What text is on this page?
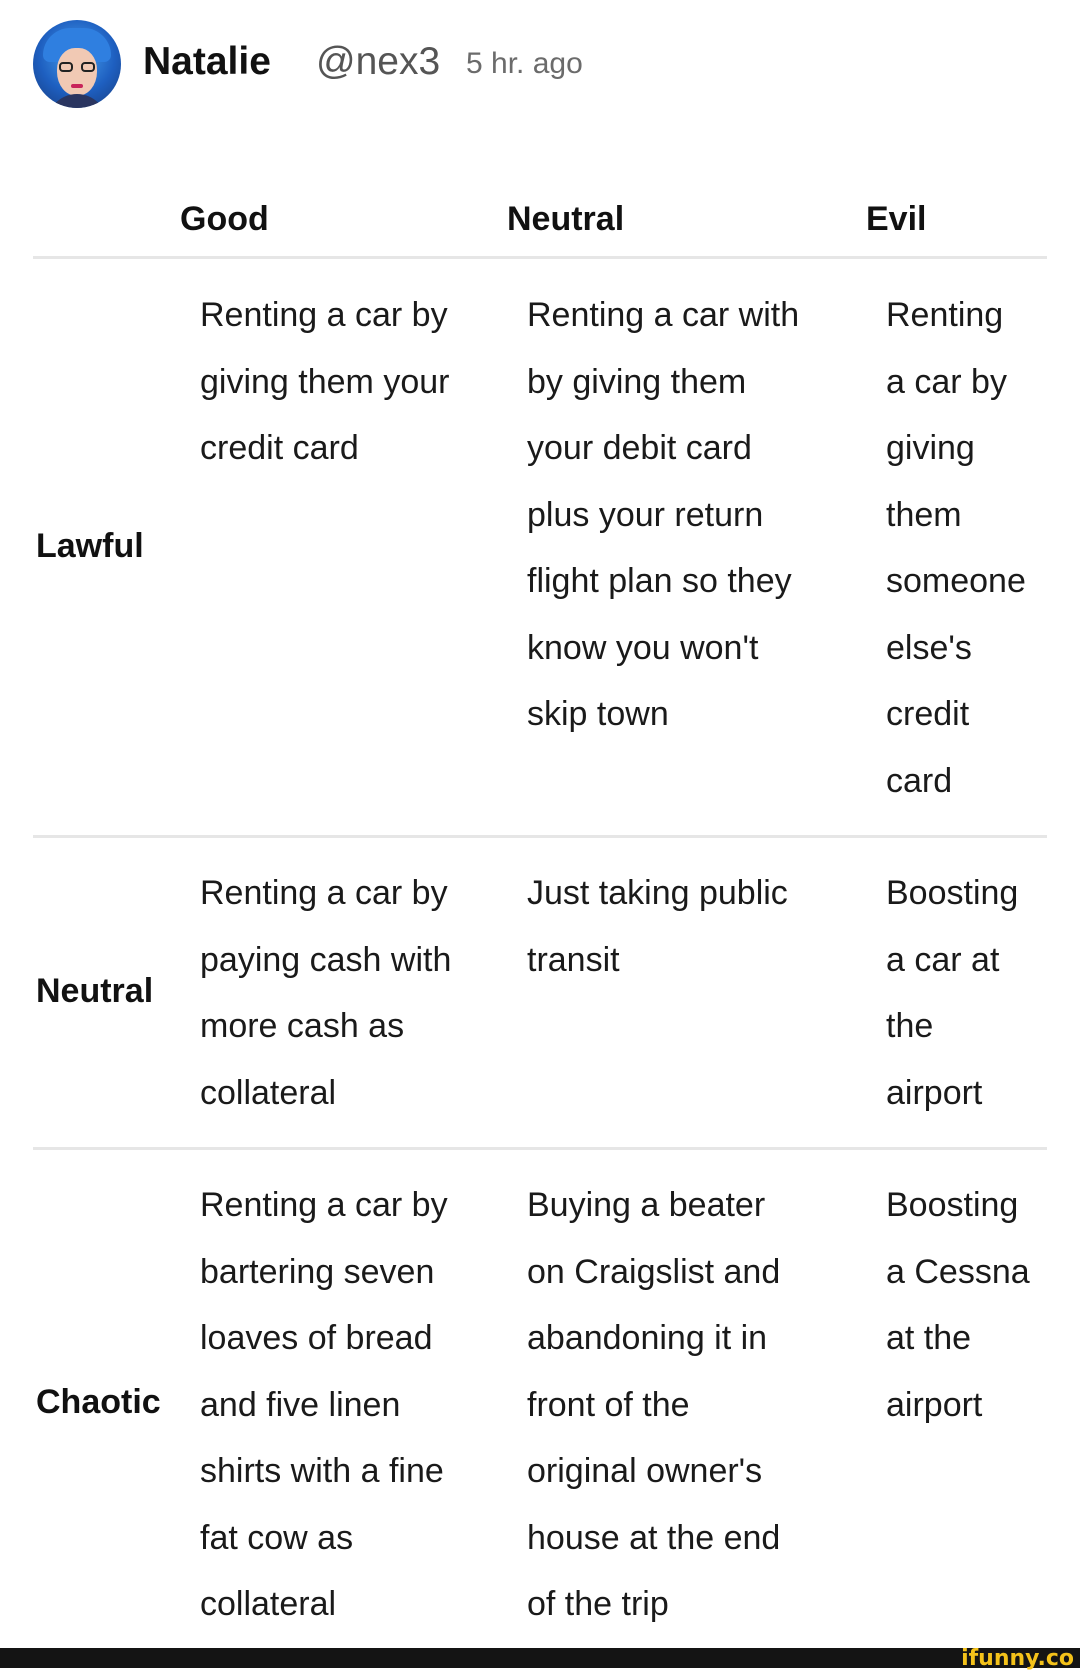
Natalie @nex3 5 hr. ago
Good	Neutral	Evil
Lawful
Renting a car by
giving them your
credit card
Renting a car with
by giving them
your debit card
plus your return
flight plan so they
know you won't
skip town
Renting
a car by
giving
them
someone
else's
credit
card
Neutral
Renting a car by
paying cash with
more cash as
collateral
Just taking public
transit
Boosting
a car at
the
airport
Chaotic
Renting a car by
bartering seven
loaves of bread
and five linen
shirts with a fine
fat cow as
collateral
Buying a beater
on Craigslist and
abandoning it in
front of the
original owner's
house at the end
of the trip
Boosting
a Cessna
at the
airport
ifunny.co
